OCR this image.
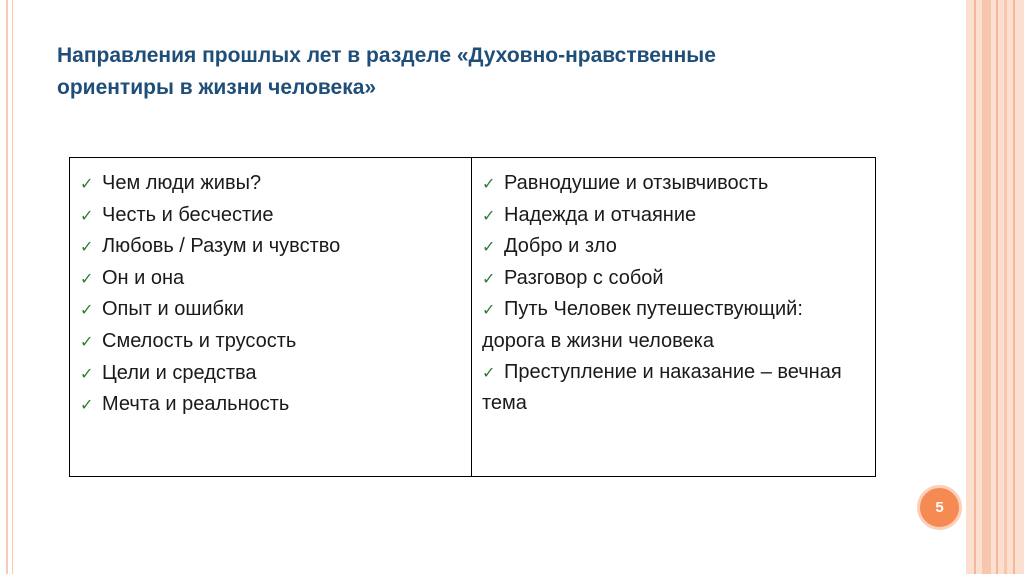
Направления прошлых лет в разделе «Духовно-нравственные ориентиры в жизни человека»
✓ Чем люди живы?
✓ Честь и бесчестие
✓ Любовь / Разум и чувство
✓ Он и она
✓ Опыт и ошибки
✓ Смелость и трусость
✓ Цели и средства
✓ Мечта и реальность
✓ Равнодушие и отзывчивость
✓ Надежда и отчаяние
✓ Добро и зло
✓ Разговор с собой
✓ Путь Человек путешествующий: дорога в жизни человека
✓ Преступление и наказание – вечная тема
5
